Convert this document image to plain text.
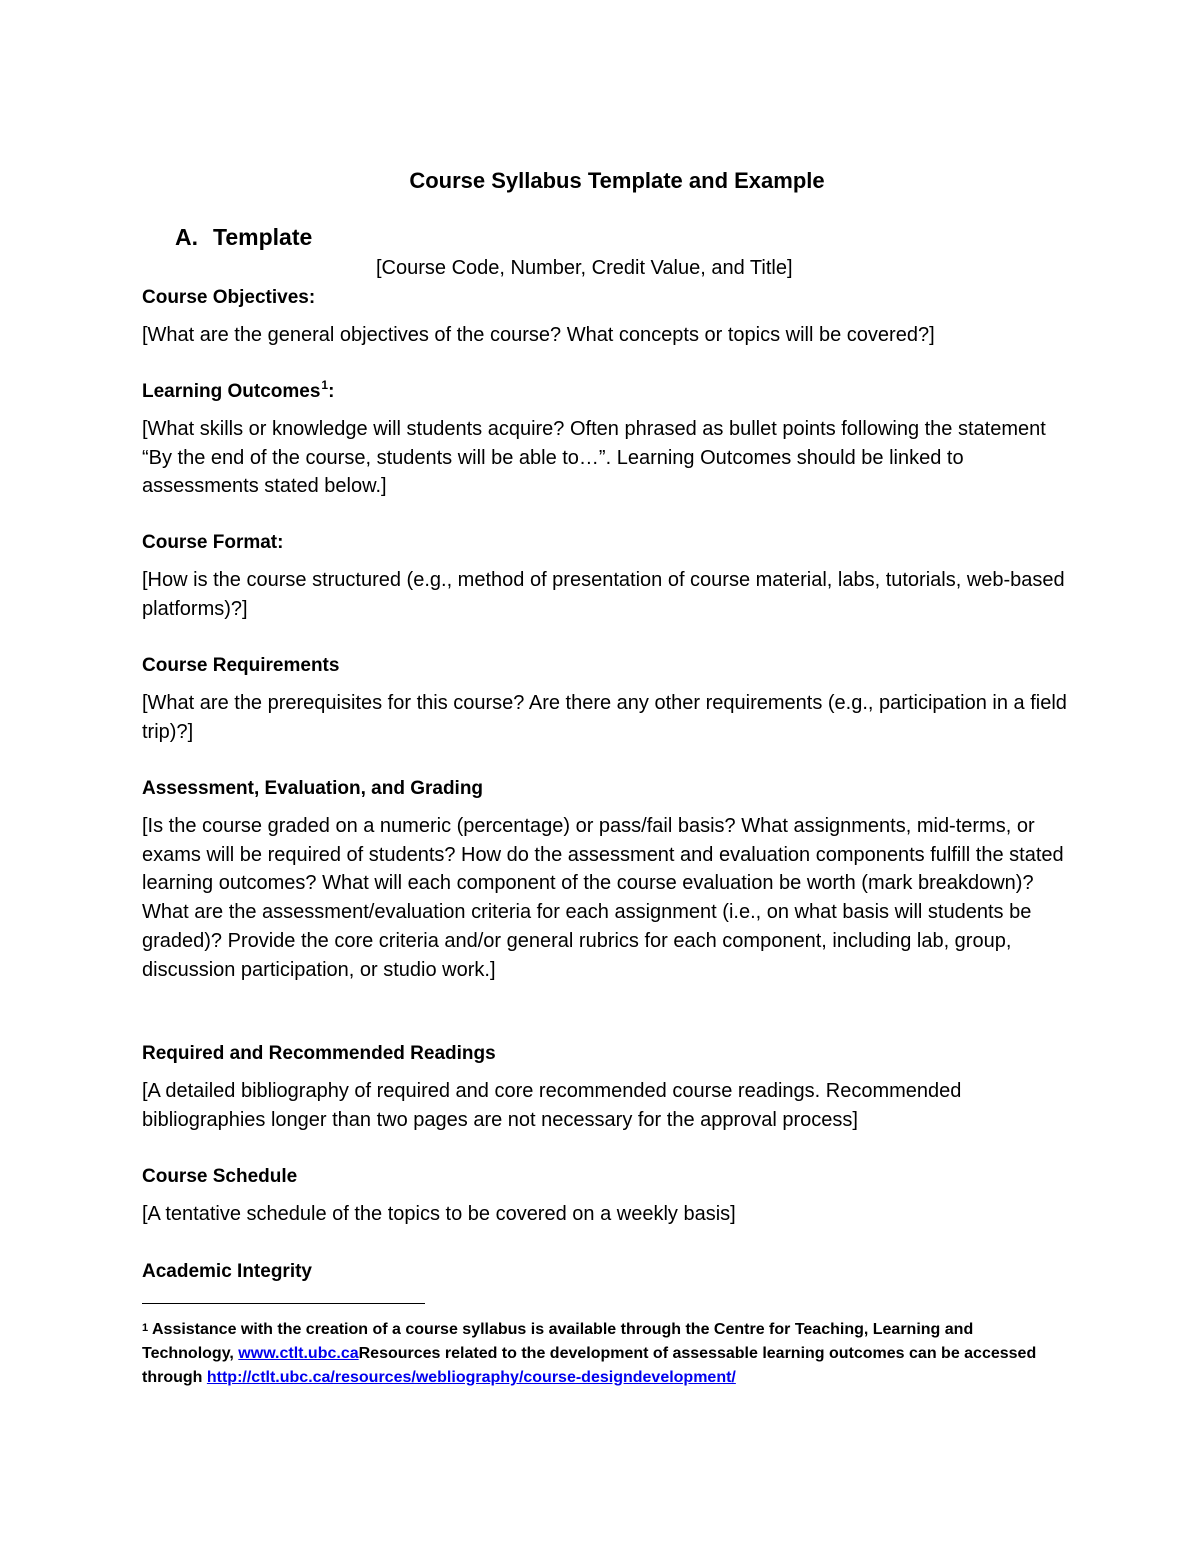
Course Syllabus Template and Example
A. Template
[Course Code, Number, Credit Value, and Title]
Course Objectives:
[What are the general objectives of the course? What concepts or topics will be covered?]
Learning Outcomes$^1$:
[What skills or knowledge will students acquire? Often phrased as bullet points following the statement “By the end of the course, students will be able to…”. Learning Outcomes should be linked to assessments stated below.]
Course Format:
[How is the course structured (e.g., method of presentation of course material, labs, tutorials, web-based platforms)?]
Course Requirements
[What are the prerequisites for this course? Are there any other requirements (e.g., participation in a field trip)?]
Assessment, Evaluation, and Grading
[Is the course graded on a numeric (percentage) or pass/fail basis? What assignments, mid-terms, or exams will be required of students? How do the assessment and evaluation components fulfill the stated learning outcomes? What will each component of the course evaluation be worth (mark breakdown)? What are the assessment/evaluation criteria for each assignment (i.e., on what basis will students be graded)? Provide the core criteria and/or general rubrics for each component, including lab, group, discussion participation, or studio work.]
Required and Recommended Readings
[A detailed bibliography of required and core recommended course readings. Recommended bibliographies longer than two pages are not necessary for the approval process]
Course Schedule
[A tentative schedule of the topics to be covered on a weekly basis]
Academic Integrity
$^1$ Assistance with the creation of a course syllabus is available through the Centre for Teaching, Learning and Technology, www.ctlt.ubc.caResources related to the development of assessable learning outcomes can be accessed through http://ctlt.ubc.ca/resources/webliography/course-designdevelopment/
